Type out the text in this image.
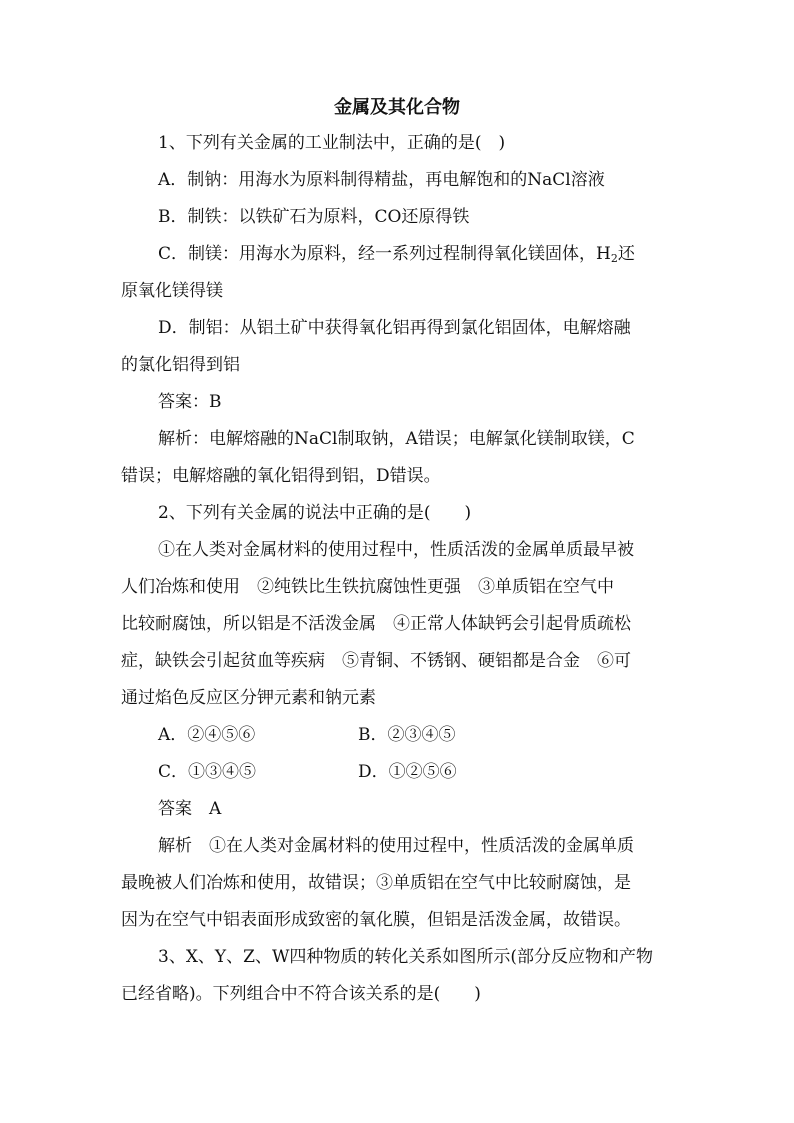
金属及其化合物
1、下列有关金属的工业制法中，正确的是(　)
A．制钠：用海水为原料制得精盐，再电解饱和的NaCl溶液
B．制铁：以铁矿石为原料，CO还原得铁
C．制镁：用海水为原料，经一系列过程制得氧化镁固体，$H_2$还
原氧化镁得镁
D．制铝：从铝土矿中获得氧化铝再得到氯化铝固体，电解熔融
的氯化铝得到铝
答案：B
解析：电解熔融的NaCl制取钠，A错误；电解氯化镁制取镁，C
错误；电解熔融的氧化铝得到铝，D错误。
2、下列有关金属的说法中正确的是(　　)
①在人类对金属材料的使用过程中，性质活泼的金属单质最早被
人们冶炼和使用　②纯铁比生铁抗腐蚀性更强　③单质铝在空气中
比较耐腐蚀，所以铝是不活泼金属　④正常人体缺钙会引起骨质疏松
症，缺铁会引起贫血等疾病　⑤青铜、不锈钢、硬铝都是合金　⑥可
通过焰色反应区分钾元素和钠元素
A．②④⑤⑥	B．②③④⑤
C．①③④⑤	D．①②⑤⑥
答案　A
解析　①在人类对金属材料的使用过程中，性质活泼的金属单质
最晚被人们冶炼和使用，故错误；③单质铝在空气中比较耐腐蚀，是
因为在空气中铝表面形成致密的氧化膜，但铝是活泼金属，故错误。
3、X、Y、Z、W四种物质的转化关系如图所示(部分反应物和产物
已经省略)。下列组合中不符合该关系的是(　　)
